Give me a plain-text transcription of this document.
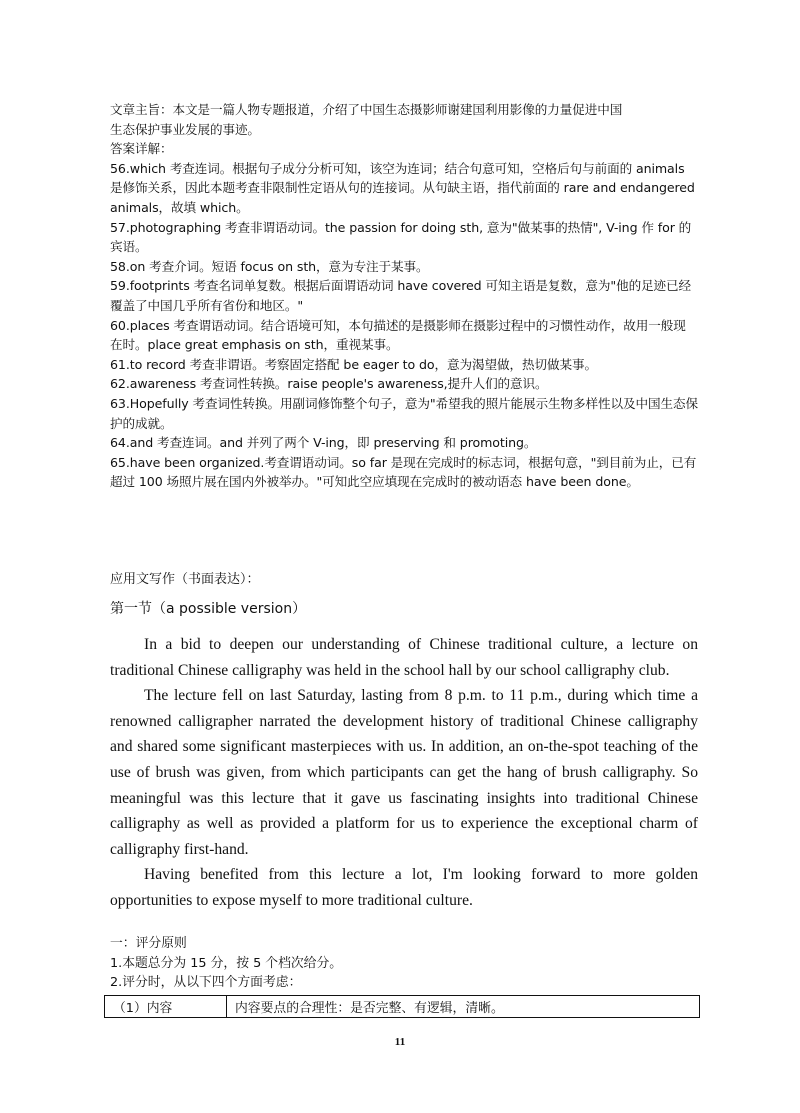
文章主旨：本文是一篇人物专题报道，介绍了中国生态摄影师谢建国利用影像的力量促进中国

生态保护事业发展的事迹。

答案详解：

56.which 考查连词。根据句子成分分析可知，该空为连词；结合句意可知，空格后句与前面的 animals 是修饰关系，因此本题考查非限制性定语从句的连接词。从句缺主语，指代前面的 rare and endangered animals，故填 which。

57.photographing 考查非谓语动词。the passion for doing sth, 意为"做某事的热情", V-ing 作 for 的宾语。

58.on 考查介词。短语 focus on sth，意为专注于某事。

59.footprints 考查名词单复数。根据后面谓语动词 have covered 可知主语是复数，意为"他的足迹已经覆盖了中国几乎所有省份和地区。"

60.places 考查谓语动词。结合语境可知，本句描述的是摄影师在摄影过程中的习惯性动作，故用一般现在时。place great emphasis on sth，重视某事。

61.to record 考查非谓语。考察固定搭配 be eager to do，意为渴望做，热切做某事。

62.awareness 考查词性转换。raise people's awareness,提升人们的意识。

63.Hopefully 考查词性转换。用副词修饰整个句子，意为"希望我的照片能展示生物多样性以及中国生态保护的成就。

64.and 考查连词。and 并列了两个 V-ing，即 preserving 和 promoting。

65.have been organized.考查谓语动词。so far 是现在完成时的标志词，根据句意，"到目前为止，已有超过 100 场照片展在国内外被举办。"可知此空应填现在完成时的被动语态 have been done。

应用文写作（书面表达）：
第一节（a possible version）

In a bid to deepen our understanding of Chinese traditional culture, a lecture on traditional Chinese calligraphy was held in the school hall by our school calligraphy club.

The lecture fell on last Saturday, lasting from 8 p.m. to 11 p.m., during which time a renowned calligrapher narrated the development history of traditional Chinese calligraphy and shared some significant masterpieces with us. In addition, an on-the-spot teaching of the use of brush was given, from which participants can get the hang of brush calligraphy. So meaningful was this lecture that it gave us fascinating insights into traditional Chinese calligraphy as well as provided a platform for us to experience the exceptional charm of calligraphy first-hand.

Having benefited from this lecture a lot, I'm looking forward to more golden opportunities to expose myself to more traditional culture.

一：评分原则

1.本题总分为 15 分，按 5 个档次给分。

2.评分时，从以下四个方面考虑：

（1）内容	内容要点的合理性：是否完整、有逻辑，清晰。
11
